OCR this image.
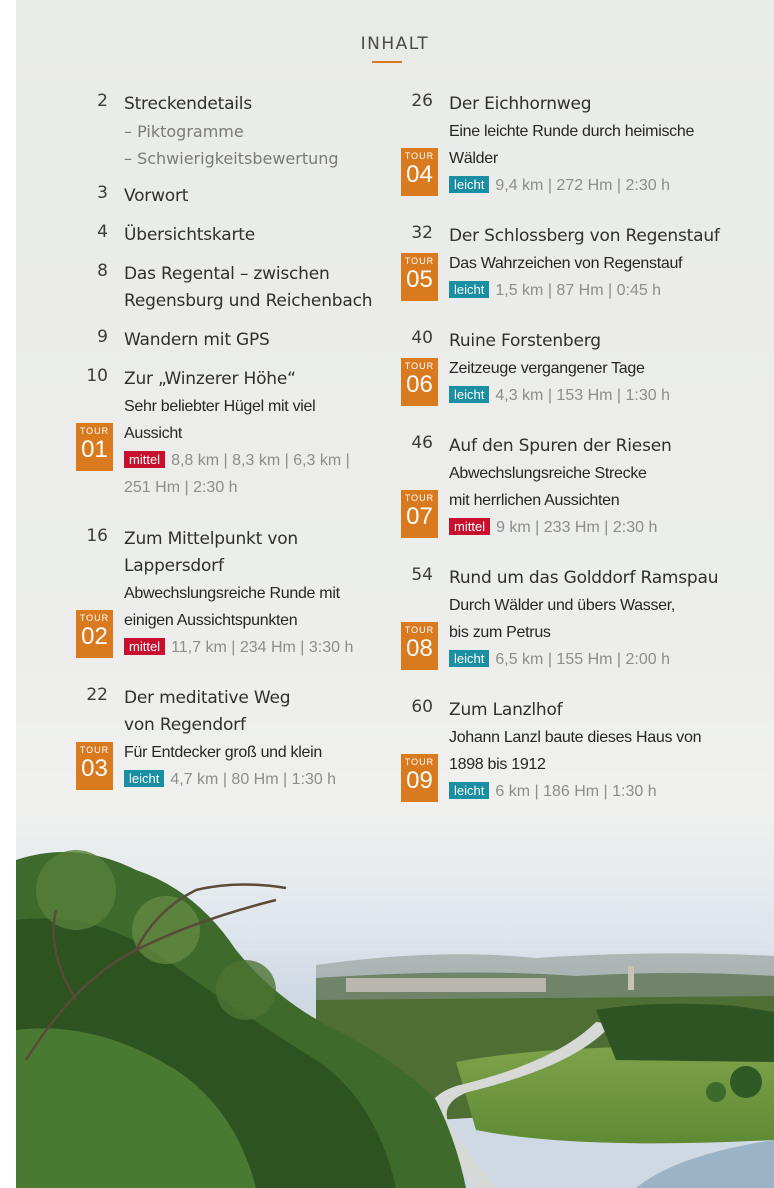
INHALT
2 Streckendetails
– Piktogramme
– Schwierigkeitsbewertung
3 Vorwort
4 Übersichtskarte
8 Das Regental – zwischen
Regensburg und Reichenbach
9 Wandern mit GPS
10 Zur „Winzerer Höhe“
Sehr beliebter Hügel mit viel
Aussicht
mittel 8,8 km | 8,3 km | 6,3 km |
251 Hm | 2:30 h
TOUR
01
16 Zum Mittelpunkt von
Lappersdorf
Abwechslungsreiche Runde mit
einigen Aussichtspunkten
mittel 11,7 km | 234 Hm | 3:30 h
TOUR
02
22 Der meditative Weg
von Regendorf
Für Entdecker groß und klein
leicht 4,7 km | 80 Hm | 1:30 h
TOUR
03
26 Der Eichhornweg
Eine leichte Runde durch heimische
Wälder
leicht 9,4 km | 272 Hm | 2:30 h
TOUR
04
32 Der Schlossberg von Regenstauf
Das Wahrzeichen von Regenstauf
leicht 1,5 km | 87 Hm | 0:45 h
TOUR
05
40 Ruine Forstenberg
Zeitzeuge vergangener Tage
leicht 4,3 km | 153 Hm | 1:30 h
TOUR
06
46 Auf den Spuren der Riesen
Abwechslungsreiche Strecke
mit herrlichen Aussichten
mittel 9 km | 233 Hm | 2:30 h
TOUR
07
54 Rund um das Golddorf Ramspau
Durch Wälder und übers Wasser,
bis zum Petrus
leicht 6,5 km | 155 Hm | 2:00 h
TOUR
08
60 Zum Lanzlhof
Johann Lanzl baute dieses Haus von
1898 bis 1912
leicht 6 km | 186 Hm | 1:30 h
TOUR
09
